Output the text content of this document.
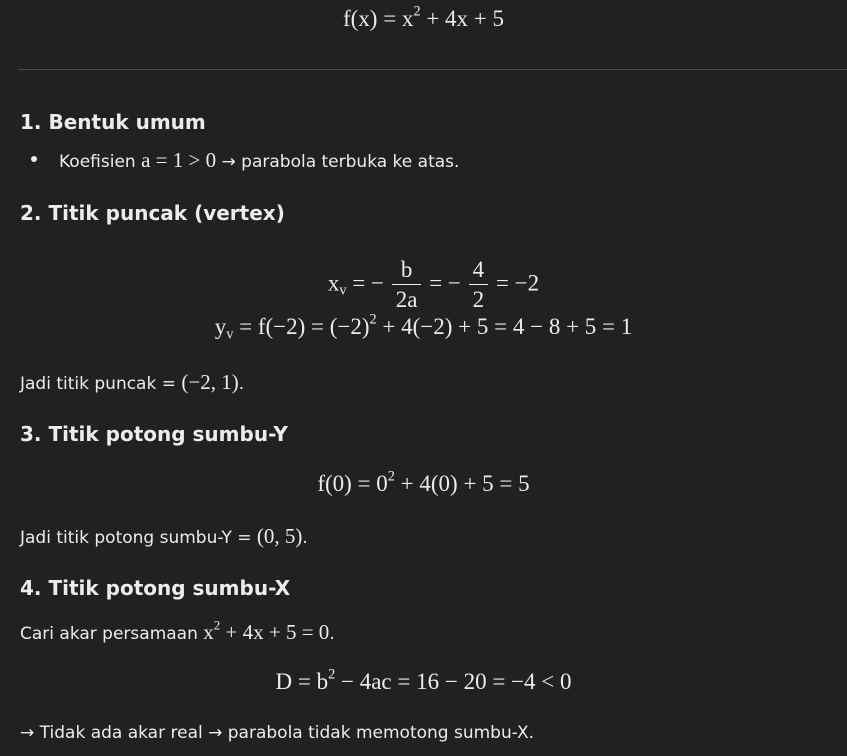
$f(x) = x^2 + 4x + 5$
1. Bentuk umum

Koefisien a = 1 > 0 → parabola terbuka ke atas.

2. Titik puncak (vertex)
$x_v$ = − $\frac{b}{2a}$ = − $\frac{4}{2} = -2$
$y_v = f(-2) = (-2)^2 + 4(-2) + 5 = 4 - 8 + 5 = 1$

Jadi titik puncak = (−2, 1).

3. Titik potong sumbu-Y
$f(0) = 0^2 + 4(0) + 5 = 5$

Jadi titik potong sumbu-Y = (0, 5).

4. Titik potong sumbu-X

Cari akar persamaan $x^2 + 4x + 5 = 0$.

$D = b^2 - 4ac = 16 - 20 = -4 < 0$

→ Tidak ada akar real → parabola tidak memotong sumbu-X.
